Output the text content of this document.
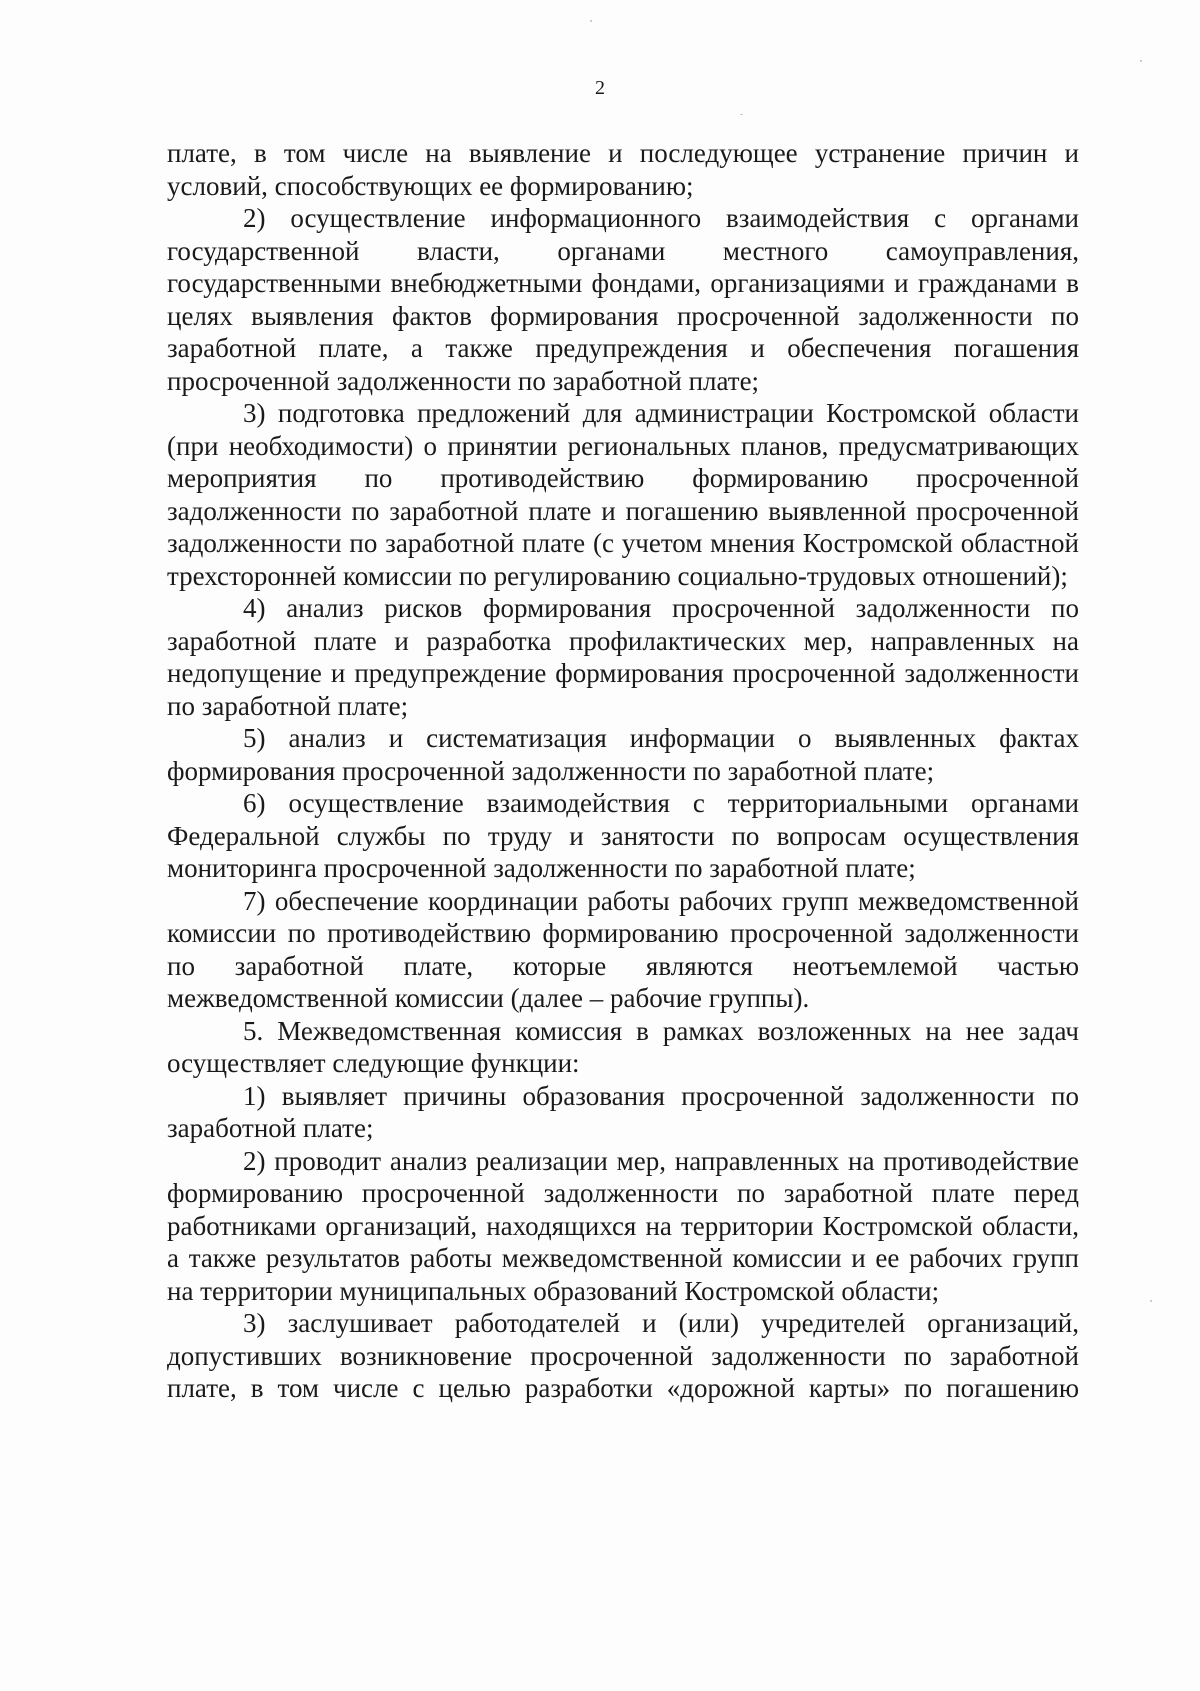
2

плате, в том числе на выявление и последующее устранение причин и условий, способствующих ее формированию;

2) осуществление информационного взаимодействия с органами государственной власти, органами местного самоуправления, государственными внебюджетными фондами, организациями и гражданами в целях выявления фактов формирования просроченной задолженности по заработной плате, а также предупреждения и обеспечения погашения просроченной задолженности по заработной плате;

3) подготовка предложений для администрации Костромской области (при необходимости) о принятии региональных планов, предусматривающих мероприятия по противодействию формированию просроченной задолженности по заработной плате и погашению выявленной просроченной задолженности по заработной плате (с учетом мнения Костромской областной трехсторонней комиссии по регулированию социально-трудовых отношений);

4) анализ рисков формирования просроченной задолженности по заработной плате и разработка профилактических мер, направленных на недопущение и предупреждение формирования просроченной задолженности по заработной плате;

5) анализ и систематизация информации о выявленных фактах формирования просроченной задолженности по заработной плате;

6) осуществление взаимодействия с территориальными органами Федеральной службы по труду и занятости по вопросам осуществления мониторинга просроченной задолженности по заработной плате;

7) обеспечение координации работы рабочих групп межведомственной комиссии по противодействию формированию просроченной задолженности по заработной плате, которые являются неотъемлемой частью межведомственной комиссии (далее – рабочие группы).

5. Межведомственная комиссия в рамках возложенных на нее задач осуществляет следующие функции:

1) выявляет причины образования просроченной задолженности по заработной плате;

2) проводит анализ реализации мер, направленных на противодействие формированию просроченной задолженности по заработной плате перед работниками организаций, находящихся на территории Костромской области, а также результатов работы межведомственной комиссии и ее рабочих групп на территории муниципальных образований Костромской области;

3) заслушивает работодателей и (или) учредителей организаций, допустивших возникновение просроченной задолженности по заработной плате, в том числе с целью разработки «дорожной карты» по погашению
